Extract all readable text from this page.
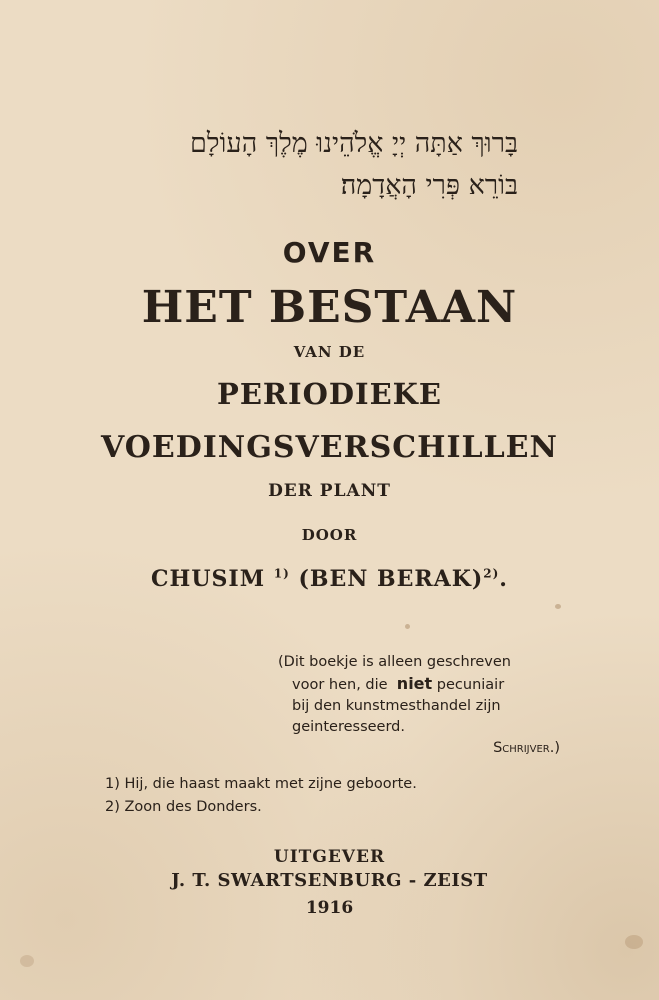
בָּרוּךְ אַתָּה יְיָ אֱלֹהֵינוּ מֶלֶךְ הָעוֹלָם
בּוֹרֵא פְּרִי הָאֲדָמָה׃
OVER
HET BESTAAN
VAN DE
PERIODIEKE
VOEDINGSVERSCHILLEN
DER PLANT
DOOR
CHUSIM $^{1)}$ (BEN BERAK)$^{2)}$.
(Dit boekje is alleen geschreven
voor hen, die niet pecuniair
bij den kunstmesthandel zijn
geinteresseerd.
Schrijver.)
1) Hij, die haast maakt met zijne geboorte.
2) Zoon des Donders.
UITGEVER
J. T. SWARTSENBURG - ZEIST
1916
